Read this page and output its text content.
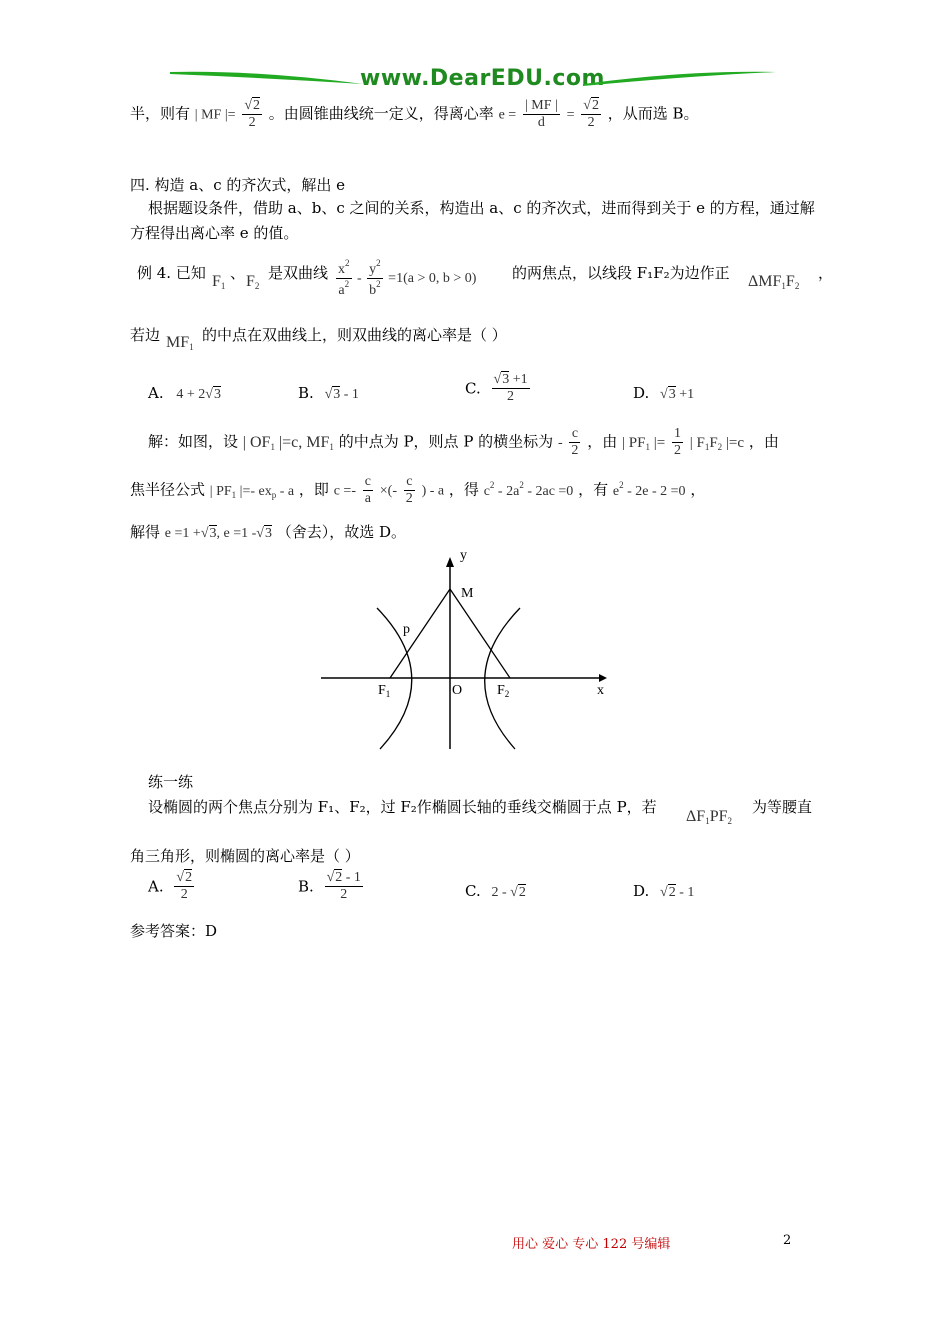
www.DearEDU.com
半，则有 | MF |= $\frac{√2}{2}$ 。由圆锥曲线统一定义，得离心率 $e = \frac{| MF |}{d} = \frac{√2}{2}$ ，从而选 B。
四. 构造 a、c 的齐次式，解出 e
根据题设条件，借助 a、b、c 之间的关系，构造出 a、c 的齐次式，进而得到关于 e 的方程，通过解
方程得出离心率 e 的值。
例 4. 已知 $F_1$
、 $F_2$
是双曲线 $\frac{x^2}{a^2} - \frac{y^2}{b^2} =1(a > 0$, b > 0) 的两焦点，以线段 F₁F₂为边作正 $\Delta MF_1F_2$
，
若边 $MF_1$
的中点在双曲线上，则双曲线的离心率是（ ）
A. 4 + 2√3	B. √3 - 1	C. $\frac{√3 +1}{2}$	D. √3 +1
解：如图，设 | $OF_1$ |=c, $MF_1$ 的中点为 P，则点 P 的横坐标为 - $\frac{c}{2}$ ，由 | $PF_1$ |= $\frac{1}{2}$ | $F_1F_2$ |=c ，由
焦半径公式 | $PF_1$ |=- $ex_p$ - a ，即 $c =- \frac{c}{a}$ ×(- $\frac{c}{2}$ ) - a ，得 $c^2 - 2a^2 - 2ac =0$ ，有 $e^2 - 2e - 2 =0$ ，
解得 e =1 +√3, e =1 -√3 （舍去），故选 D。
y
x
M
p
O
$F_1$	$F_2$
练一练
设椭圆的两个焦点分别为 F₁、F₂，过 F₂作椭圆长轴的垂线交椭圆于点 P，若
$\Delta F_1PF_2$
为等腰直
角三角形，则椭圆的离心率是（ ）
A. $\frac{√2}{2}$	B. $\frac{√2 - 1}{2}$	C. 2 - √2	D. √2 - 1
参考答案：D
用心 爱心 专心 122 号编辑	2
